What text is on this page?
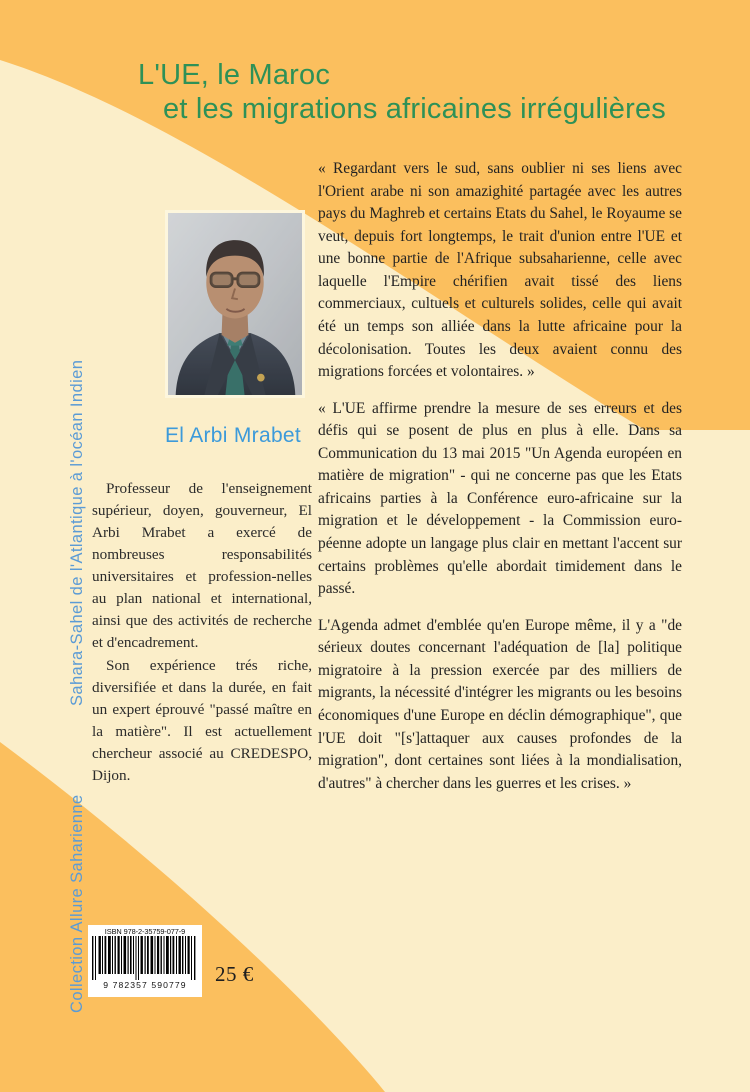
Sahara-Sahel de l'Atlantique à l'océan Indien
Collection Allure Saharienne
L'UE, le Maroc
et les migrations africaines irrégulières
El Arbi Mrabet

Professeur de l'enseignement supérieur, doyen, gouverneur, El Arbi Mrabet a exercé de nombreuses responsabilités universitaires et profession-nelles au plan national et international, ainsi que des activités de recherche et d'encadrement.

Son expérience trés riche, diversifiée et dans la durée, en fait un expert éprouvé "passé maître en la matière". Il est actuellement chercheur associé au CREDESPO, Dijon.

« Regardant vers le sud, sans oublier ni ses liens avec l'Orient arabe ni son amazighité partagée avec les autres pays du Maghreb et certains Etats du Sahel, le Royaume se veut, depuis fort longtemps, le trait d'union entre l'UE et une bonne partie de l'Afrique subsaharienne, celle avec laquelle l'Empire chérifien avait tissé des liens commerciaux, cultuels et culturels solides, celle qui avait été un temps son alliée dans la lutte africaine pour la décolonisation. Toutes les deux avaient connu des migrations forcées et volontaires. »

« L'UE affirme prendre la mesure de ses erreurs et des défis qui se posent de plus en plus à elle. Dans sa Communication du 13 mai 2015 "Un Agenda européen en matière de migration" - qui ne concerne pas que les Etats africains parties à la Conférence euro-africaine sur la migration et le développement - la Commission euro-péenne adopte un langage plus clair en mettant l'accent sur certains problèmes qu'elle abordait timidement dans le passé.

L'Agenda admet d'emblée qu'en Europe même, il y a "de sérieux doutes concernant l'adéquation de [la] politique migratoire à la pression exercée par des milliers de migrants, la nécessité d'intégrer les migrants ou les besoins économiques d'une Europe en déclin démographique", que l'UE doit "[s']attaquer aux causes profondes de la migration", dont certaines sont liées à la mondialisation, d'autres" à chercher dans les guerres et les crises. »

ISBN 978-2-35759-077-9
9 782357 590779	25 €
